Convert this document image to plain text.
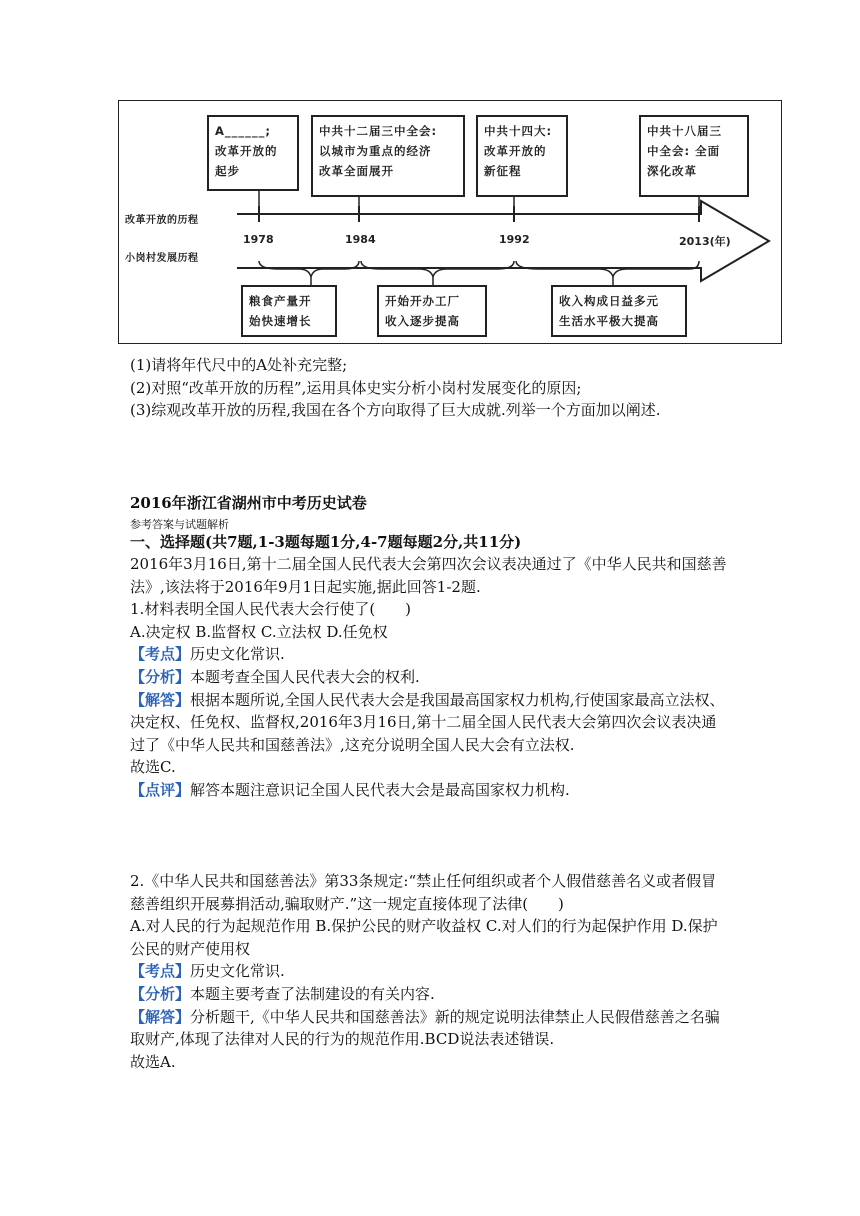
A______;
改革开放的
起步
中共十二届三中全会:
以城市为重点的经济
改革全面展开
中共十四大:
改革开放的
新征程
中共十八届三
中全会: 全面
深化改革
改革开放的历程
小岗村发展历程
1978	1984	1992	2013(年)
粮食产量开
始快速增长
开始开办工厂
收入逐步提高
收入构成日益多元
生活水平极大提高

(1)请将年代尺中的A处补充完整;

(2)对照“改革开放的历程”,运用具体史实分析小岗村发展变化的原因;

(3)综观改革开放的历程,我国在各个方向取得了巨大成就.列举一个方面加以阐述.

2016年浙江省湖州市中考历史试卷
参考答案与试题解析
一、选择题(共7题,1-3题每题1分,4-7题每题2分,共11分)

2016年3月16日,第十二届全国人民代表大会第四次会议表决通过了《中华人民共和国慈善法》,该法将于2016年9月1日起实施,据此回答1-2题.

1.材料表明全国人民代表大会行使了(　　)

A.决定权 B.监督权 C.立法权 D.任免权

【考点】历史文化常识.

【分析】本题考查全国人民代表大会的权利.

【解答】根据本题所说,全国人民代表大会是我国最高国家权力机构,行使国家最高立法权、决定权、任免权、监督权,2016年3月16日,第十二届全国人民代表大会第四次会议表决通过了《中华人民共和国慈善法》,这充分说明全国人民大会有立法权.

故选C.

【点评】解答本题注意识记全国人民代表大会是最高国家权力机构.

2.《中华人民共和国慈善法》第33条规定:“禁止任何组织或者个人假借慈善名义或者假冒慈善组织开展募捐活动,骗取财产.”这一规定直接体现了法律(　　)

A.对人民的行为起规范作用 B.保护公民的财产收益权 C.对人们的行为起保护作用 D.保护公民的财产使用权

【考点】历史文化常识.

【分析】本题主要考查了法制建设的有关内容.

【解答】分析题干,《中华人民共和国慈善法》新的规定说明法律禁止人民假借慈善之名骗取财产,体现了法律对人民的行为的规范作用.BCD说法表述错误.

故选A.
